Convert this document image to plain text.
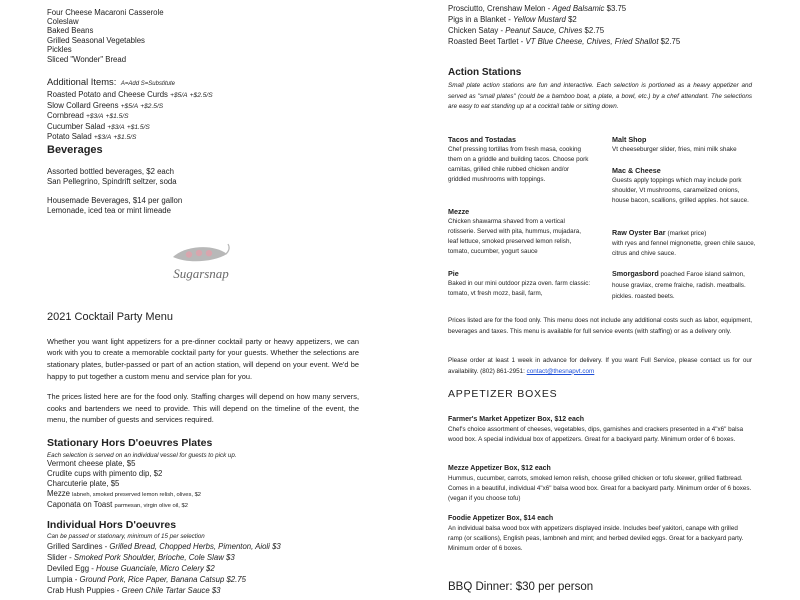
Four Cheese Macaroni Casserole
Coleslaw
Baked Beans
Grilled Seasonal Vegetables
Pickles
Sliced "Wonder" Bread
Additional Items: A=Add S=Substitute
Roasted Potato and Cheese Curds +$5/A +$2.5/S
Slow Collard Greens +$5/A +$2.5/S
Cornbread +$3/A +$1.5/S
Cucumber Salad +$3/A +$1.5/S
Potato Salad +$3/A +$1.5/S
Beverages
Assorted bottled beverages, $2 each
San Pellegrino, Spindrift seltzer, soda
Housemade Beverages, $14 per gallon
Lemonade, iced tea or mint limeade
Sugarsnap
2021 Cocktail Party Menu
Whether you want light appetizers for a pre-dinner cocktail party or heavy appetizers, we can work with you to create a memorable cocktail party for your guests. Whether the selections are stationary plates, butler-passed or part of an action station, will depend on your event. We'd be happy to put together a custom menu and service plan for you.
The prices listed here are for the food only. Staffing charges will depend on how many servers, cooks and bartenders we need to provide. This will depend on the timeline of the event, the menu, the number of guests and services required.
Stationary Hors D'oeuvres Plates
Each selection is served on an individual vessel for guests to pick up.
Vermont cheese plate, $5
Crudite cups with pimento dip, $2
Charcuterie plate, $5
Mezze labneh, smoked preserved lemon relish, olives, $2
Caponata on Toast parmesan, virgin olive oil, $2
Individual Hors D'oeuvres
Can be passed or stationary, minimum of 15 per selection
Grilled Sardines - Grilled Bread, Chopped Herbs, Pimenton, Aioli $3
Slider - Smoked Pork Shoulder, Brioche, Cole Slaw $3
Deviled Egg - House Guanciale, Micro Celery $2
Lumpia - Ground Pork, Rice Paper, Banana Catsup $2.75
Crab Hush Puppies - Green Chile Tartar Sauce $3
Prosciutto, Crenshaw Melon - Aged Balsamic $3.75
Pigs in a Blanket - Yellow Mustard $2
Chicken Satay - Peanut Sauce, Chives $2.75
Roasted Beet Tartlet - VT Blue Cheese, Chives, Fried Shallot $2.75
Action Stations
Small plate action stations are fun and interactive. Each selection is portioned as a heavy appetizer and served as "small plates" (could be a bamboo boat, a plate, a bowl, etc.) by a chef attendant. The selections are easy to eat standing up at a cocktail table or sitting down.
Tacos and Tostadas
Chef pressing tortillas from fresh masa, cooking them on a griddle and building tacos. Choose pork carnitas, grilled chile rubbed chicken and/or griddled mushrooms with toppings.
Mezze
Chicken shawarma shaved from a vertical rotisserie. Served with pita, hummus, mujadara, leaf lettuce, smoked preserved lemon relish, tomato, cucumber, yogurt sauce
Pie
Baked in our mini outdoor pizza oven. farm classic: tomato, vt fresh mozz, basil, farm,
Malt Shop
Vt cheeseburger slider, fries, mini milk shake
Mac & Cheese
Guests apply toppings which may include pork shoulder, Vt mushrooms, caramelized onions, house bacon, scallions, grilled apples. hot sauce.
Raw Oyster Bar (market price)
with ryes and fennel mignonette, green chile sauce, citrus and chive sauce.
Smorgasbord poached Faroe island salmon, house gravlax, creme fraiche, radish. meatballs. pickles. roasted beets.
Prices listed are for the food only. This menu does not include any additional costs such as labor, equipment, beverages and taxes. This menu is available for full service events (with staffing) or as a delivery only.
Please order at least 1 week in advance for delivery. If you want Full Service, please contact us for our availability. (802) 861-2951: contact@thesnapvt.com
APPETIZER BOXES
Farmer's Market Appetizer Box, $12 each
Chef's choice assortment of cheeses, vegetables, dips, garnishes and crackers presented in a 4"x6" balsa wood box. A special individual box of appetizers. Great for a backyard party. Minimum order of 6 boxes.
Mezze Appetizer Box, $12 each
Hummus, cucumber, carrots, smoked lemon relish, choose grilled chicken or tofu skewer, grilled flatbread. Comes in a beautiful, individual 4"x6" balsa wood box. Great for a backyard party. Minimum order of 6 boxes. (vegan if you choose tofu)
Foodie Appetizer Box, $14 each
An individual balsa wood box with appetizers displayed inside. Includes beef yakitori, canape with grilled ramp (or scallions), English peas, lambneh and mint; and herbed deviled eggs. Great for a backyard party. Minimum order of 6 boxes.
BBQ Dinner: $30 per person
